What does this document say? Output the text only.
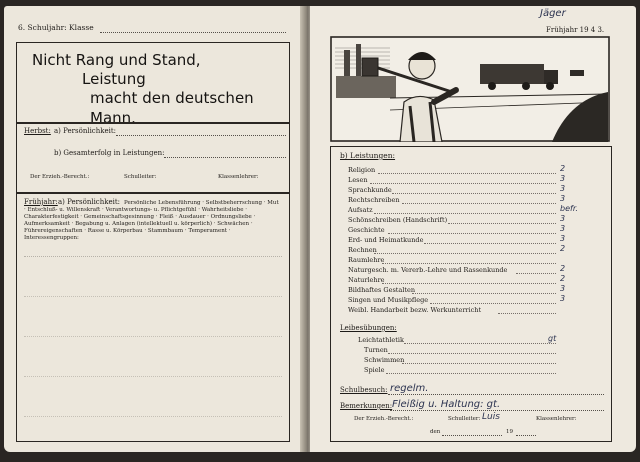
6. Schuljahr: Klasse
Nicht Rang und Stand,
Leistung
macht den deutschen Mann.
Herbst: a) Persönlichkeit:
b) Gesamterfolg in Leistungen:
Der Erzieh.-Berecht.:	Schulleiter:	Klassenlehrer:
Frühjahr: a) Persönlichkeit: Persönliche Lebensführung · Selbstbeherrschung · Mut · Entschluß- u. Willenskraft · Verantwortungs- u. Pflichtgefühl · Wahrheitsliebe · Charakterfestigkeit · Gemeinschaftsgesinnung · Fleiß · Ausdauer · Ordnungsliebe · Aufmerksamkeit · Begabung u. Anlagen (intellektuell u. körperlich) · Schwächen · Führereigenschaften · Rasse u. Körperbau · Stammbaum · Temperament · Interessengruppen:
Jäger
Frühjahr 19 4 3.
b) Leistungen:
Religion	2
Lesen	3
Sprachkunde	3
Rechtschreiben	3
Aufsatz	befr.
Schönschreiben (Handschrift)	3
Geschichte	3
Erd- und Heimatkunde	3
Rechnen	2
Raumlehre
Naturgesch. m. Vererb.-Lehre und Rassenkunde	2
Naturlehre	2
Bildhaftes Gestalten	3
Singen und Musikpflege	3
Weibl. Handarbeit bezw. Werkunterricht
Leibesübungen:
Leichtathletik	gt
Turnen
Schwimmen
Spiele
Schulbesuch: regelm.
Bemerkungen: Fleißig u. Haltung: gt.
Der Erzieh.-Berecht.:	Schulleiter: Luis	Klassenlehrer:
den	19
